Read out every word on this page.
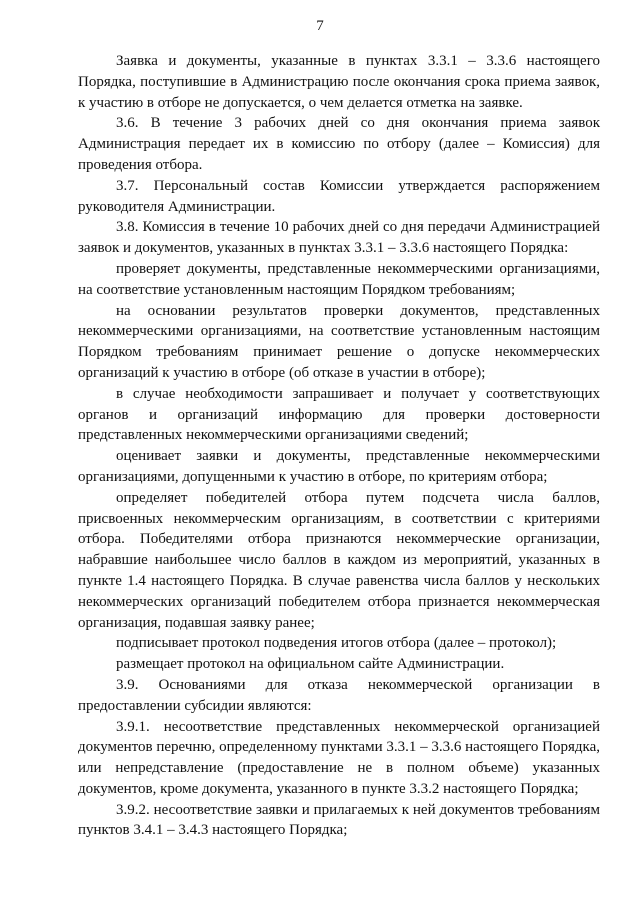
7

Заявка и документы, указанные в пунктах 3.3.1 – 3.3.6 настоящего Порядка, поступившие в Администрацию после окончания срока приема заявок, к участию в отборе не допускается, о чем делается отметка на заявке.

3.6. В течение 3 рабочих дней со дня окончания приема заявок Администрация передает их в комиссию по отбору (далее – Комиссия) для проведения отбора.

3.7. Персональный состав Комиссии утверждается распоряжением руководителя Администрации.

3.8. Комиссия в течение 10 рабочих дней со дня передачи Администрацией заявок и документов, указанных в пунктах 3.3.1 – 3.3.6 настоящего Порядка:

проверяет документы, представленные некоммерческими организациями, на соответствие установленным настоящим Порядком требованиям;

на основании результатов проверки документов, представленных некоммерческими организациями, на соответствие установленным настоящим Порядком требованиям принимает решение о допуске некоммерческих организаций к участию в отборе (об отказе в участии в отборе);

в случае необходимости запрашивает и получает у соответствующих органов и организаций информацию для проверки достоверности представленных некоммерческими организациями сведений;

оценивает заявки и документы, представленные некоммерческими организациями, допущенными к участию в отборе, по критериям отбора;

определяет победителей отбора путем подсчета числа баллов, присвоенных некоммерческим организациям, в соответствии с критериями отбора. Победителями отбора признаются некоммерческие организации, набравшие наибольшее число баллов в каждом из мероприятий, указанных в пункте 1.4 настоящего Порядка. В случае равенства числа баллов у нескольких некоммерческих организаций победителем отбора признается некоммерческая организация, подавшая заявку ранее;

подписывает протокол подведения итогов отбора (далее – протокол);

размещает протокол на официальном сайте Администрации.

3.9. Основаниями для отказа некоммерческой организации в предоставлении субсидии являются:

3.9.1. несоответствие представленных некоммерческой организацией документов перечню, определенному пунктами 3.3.1 – 3.3.6 настоящего Порядка, или непредставление (предоставление не в полном объеме) указанных документов, кроме документа, указанного в пункте 3.3.2 настоящего Порядка;

3.9.2. несоответствие заявки и прилагаемых к ней документов требованиям пунктов 3.4.1 – 3.4.3 настоящего Порядка;
